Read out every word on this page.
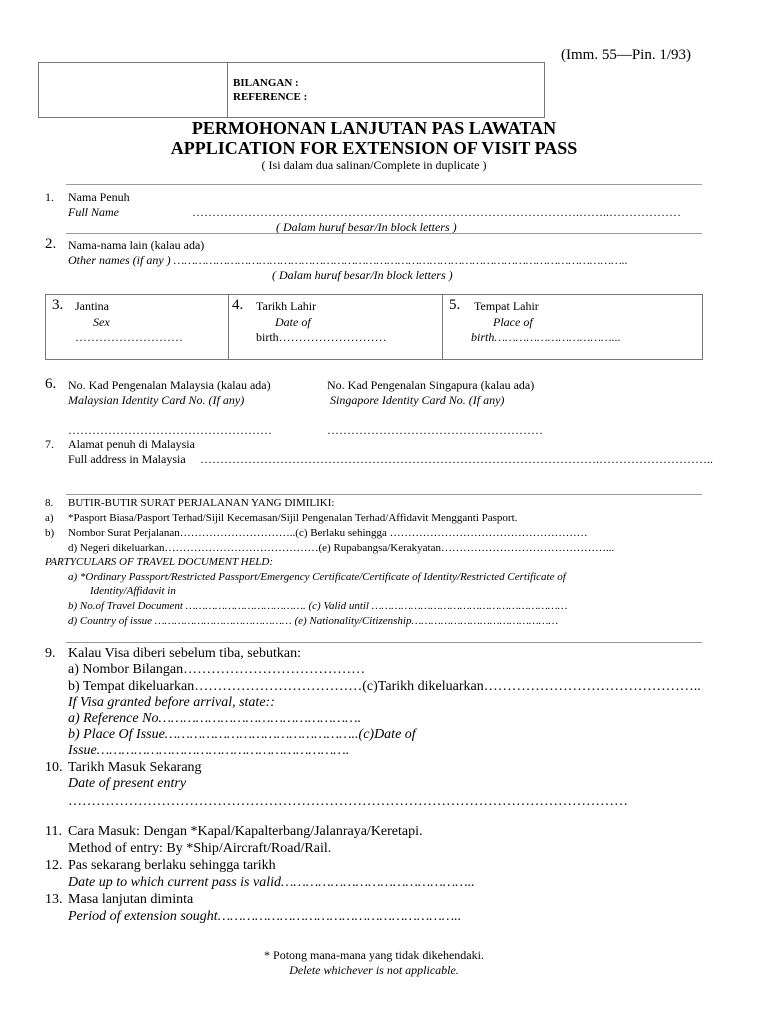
(Imm. 55—Pin. 1/93)
BILANGAN :
REFERENCE :
PERMOHONAN LANJUTAN PAS LAWATAN
APPLICATION FOR EXTENSION OF VISIT PASS
( Isi dalam dua salinan/Complete in duplicate )
1. Nama Penuh
Full Name	…………………………………………………………………………………….……..………………
( Dalam huruf besar/In block letters )
2. Nama-nama lain (kalau ada)
Other names (if any ) ………………………………………………………………………………………………………………..
( Dalam huruf besar/In block letters )
3. Jantina
Sex
………………………
4. Tarikh Lahir
Date of
birth………………………
5. Tempat Lahir
Place of
birth……………………………...
6. No. Kad Pengenalan Malaysia (kalau ada)
Malaysian Identity Card No. (If any)
No. Kad Pengenalan Singapura (kalau ada)
Singapore Identity Card No. (If any)
……………………………………………	………………………………………………
7. Alamat penuh di Malaysia
Full address in Malaysia ……………………………………………………………………………………….………………………..
8. BUTIR-BUTIR SURAT PERJALANAN YANG DIMILIKI:
a) *Pasport Biasa/Pasport Terhad/Sijil Kecemasan/Sijil Pengenalan Terhad/Affidavit Mengganti Pasport.
b) Nombor Surat Perjalanan…………………………..(c) Berlaku sehingga ………………………………………………
d) Negeri dikeluarkan……………………………………(e) Rupabangsa/Kerakyatan………………………………………...
PARTYCULARS OF TRAVEL DOCUMENT HELD:
a) *Ordinary Passport/Restricted Passport/Emergency Certificate/Certificate of Identity/Restricted Certificate of
Identity/Affidavit in
b) No.of Travel Document ………………………………. (c) Valid until ……………………………………………………
d) Country of issue …………………………………… (e) Nationality/Citizenship………………………………………
9. Kalau Visa diberi sebelum tiba, sebutkan:
a) Nombor Bilangan…………………………………
b) Tempat dikeluarkan………………………………(c)Tarikh dikeluarkan………………………………………..
If Visa granted before arrival, state::
a) Reference No………………………………………….
b) Place Of Issue………………………………………..(c)Date of
Issue…………………………………………………….
10. Tarikh Masuk Sekarang
Date of present entry
…………………………………………………………………………………………………………
11. Cara Masuk: Dengan *Kapal/Kapalterbang/Jalanraya/Keretapi.
Method of entry: By *Ship/Aircraft/Road/Rail.
12. Pas sekarang berlaku sehingga tarikh
Date up to which current pass is valid………………………………………..
13. Masa lanjutan diminta
Period of extension sought…………………………………………………..
* Potong mana-mana yang tidak dikehendaki.
Delete whichever is not applicable.
